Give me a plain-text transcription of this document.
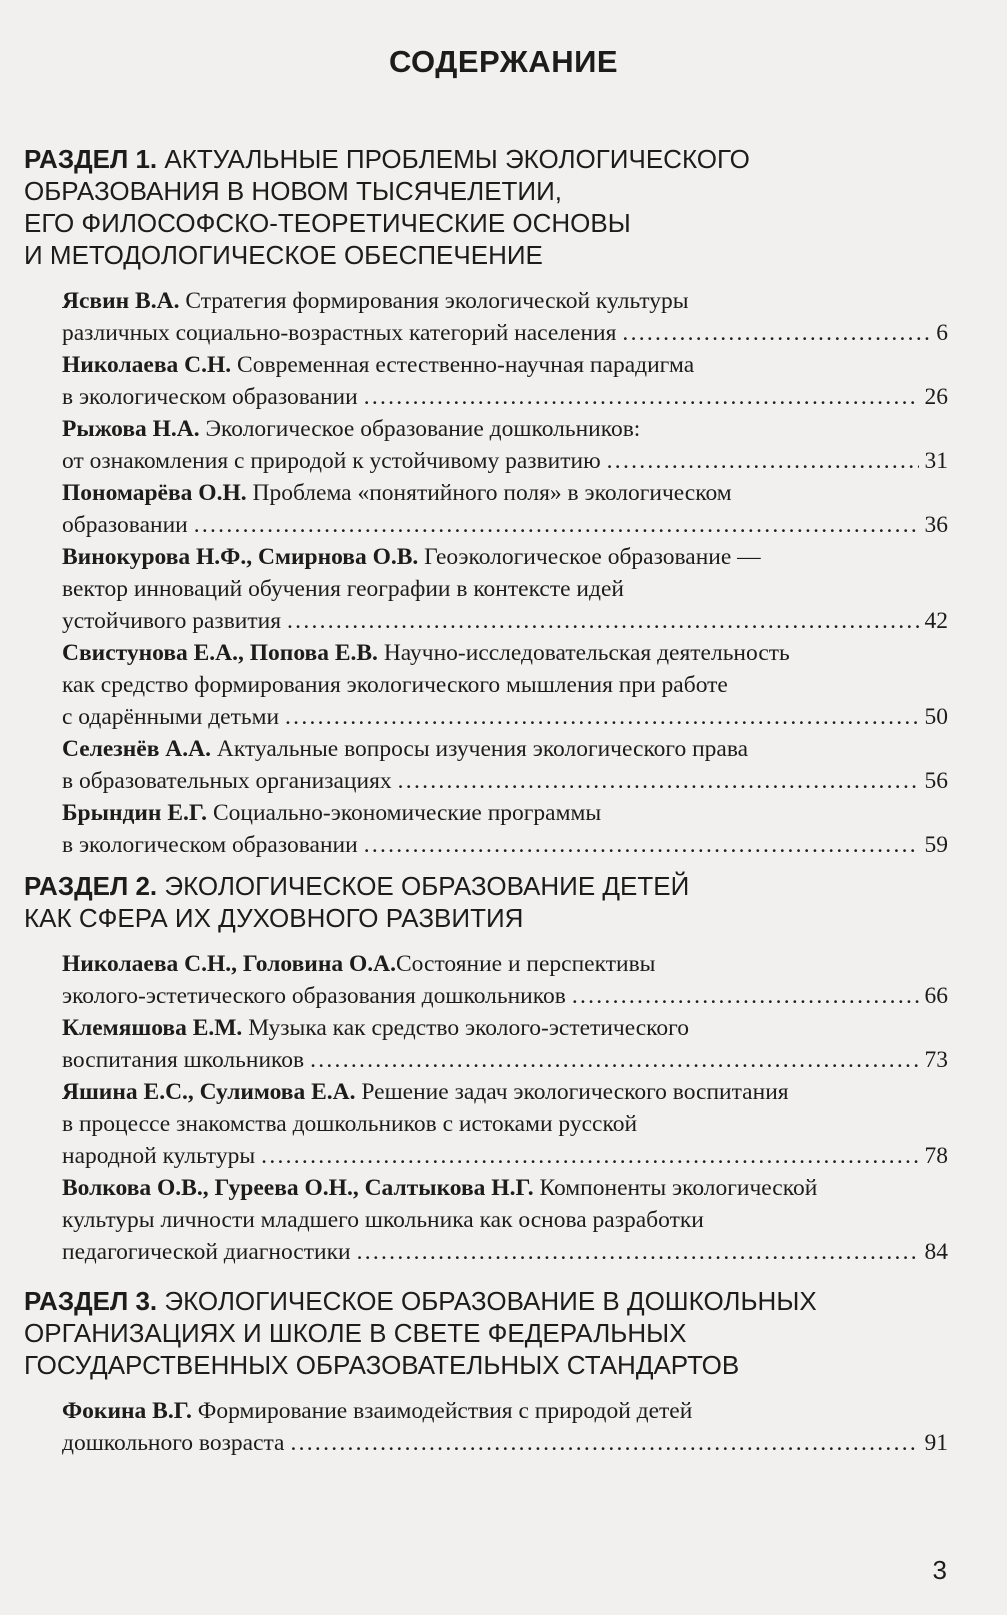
СОДЕРЖАНИЕ
РАЗДЕЛ 1. АКТУАЛЬНЫЕ ПРОБЛЕМЫ ЭКОЛОГИЧЕСКОГО
ОБРАЗОВАНИЯ В НОВОМ ТЫСЯЧЕЛЕТИИ,
ЕГО ФИЛОСОФСКО-ТЕОРЕТИЧЕСКИЕ ОСНОВЫ
И МЕТОДОЛОГИЧЕСКОЕ ОБЕСПЕЧЕНИЕ
Ясвин В.А. Стратегия формирования экологической культуры
различных социально-возрастных категорий населения . . .	6
Николаева С.Н. Современная естественно-научная парадигма
в экологическом образовании . . .	26
Рыжова Н.А. Экологическое образование дошкольников:
от ознакомления с природой к устойчивому развитию . . .	31
Пономарёва О.Н. Проблема «понятийного поля» в экологическом
образовании . . .	36
Винокурова Н.Ф., Смирнова О.В. Геоэкологическое образование —
вектор инноваций обучения географии в контексте идей
устойчивого развития . . .	42
Свистунова Е.А., Попова Е.В. Научно-исследовательская деятельность
как средство формирования экологического мышления при работе
с одарёнными детьми . . .	50
Селезнёв А.А. Актуальные вопросы изучения экологического права
в образовательных организациях . . .	56
Брындин Е.Г. Социально-экономические программы
в экологическом образовании . . .	59
РАЗДЕЛ 2. ЭКОЛОГИЧЕСКОЕ ОБРАЗОВАНИЕ ДЕТЕЙ
КАК СФЕРА ИХ ДУХОВНОГО РАЗВИТИЯ
Николаева С.Н., Головина О.А.Состояние и перспективы
эколого-эстетического образования дошкольников . . .	66
Клемяшова Е.М. Музыка как средство эколого-эстетического
воспитания школьников . . .	73
Яшина Е.С., Сулимова Е.А. Решение задач экологического воспитания
в процессе знакомства дошкольников с истоками русской
народной культуры . . .	78
Волкова О.В., Гуреева О.Н., Салтыкова Н.Г. Компоненты экологической
культуры личности младшего школьника как основа разработки
педагогической диагностики . . .	84
РАЗДЕЛ 3. ЭКОЛОГИЧЕСКОЕ ОБРАЗОВАНИЕ В ДОШКОЛЬНЫХ
ОРГАНИЗАЦИЯХ И ШКОЛЕ В СВЕТЕ ФЕДЕРАЛЬНЫХ
ГОСУДАРСТВЕННЫХ ОБРАЗОВАТЕЛЬНЫХ СТАНДАРТОВ
Фокина В.Г. Формирование взаимодействия с природой детей
дошкольного возраста . . .	91
3
